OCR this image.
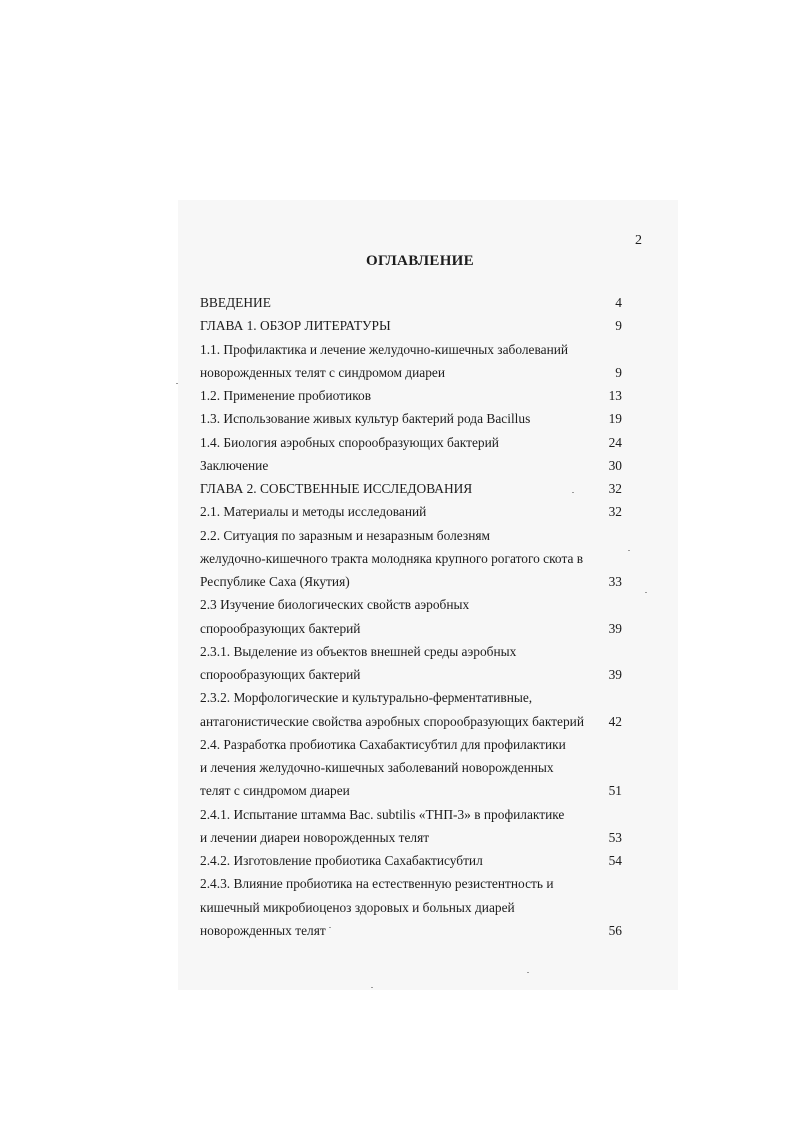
2
ОГЛАВЛЕНИЕ
ВВЕДЕНИЕ	4
ГЛАВА 1. ОБЗОР ЛИТЕРАТУРЫ	9
1.1. Профилактика и лечение желудочно-кишечных заболеваний
новорожденных телят с синдромом диареи	9
1.2. Применение пробиотиков	13
1.3. Использование живых культур бактерий рода Bacillus	19
1.4. Биология аэробных спорообразующих бактерий	24
Заключение	30
ГЛАВА 2. СОБСТВЕННЫЕ ИССЛЕДОВАНИЯ	32
2.1. Материалы и методы исследований	32
2.2. Ситуация по заразным и незаразным болезням
желудочно-кишечного тракта молодняка крупного рогатого скота в
Республике Саха (Якутия)	33
2.3 Изучение биологических свойств аэробных
спорообразующих бактерий	39
2.3.1. Выделение из объектов внешней среды аэробных
спорообразующих бактерий	39
2.3.2. Морфологические и культурально-ферментативные,
антагонистические свойства аэробных спорообразующих бактерий	42
2.4. Разработка пробиотика Сахабактисубтил для профилактики
и лечения желудочно-кишечных заболеваний новорожденных
телят с синдромом диареи	51
2.4.1. Испытание штамма Вас. subtilis «ТНП-3» в профилактике
и лечении диареи новорожденных телят	53
2.4.2. Изготовление пробиотика Сахабактисубтил	54
2.4.3. Влияние пробиотика на естественную резистентность и
кишечный микробиоценоз здоровых и больных диарей
новорожденных телят	56
